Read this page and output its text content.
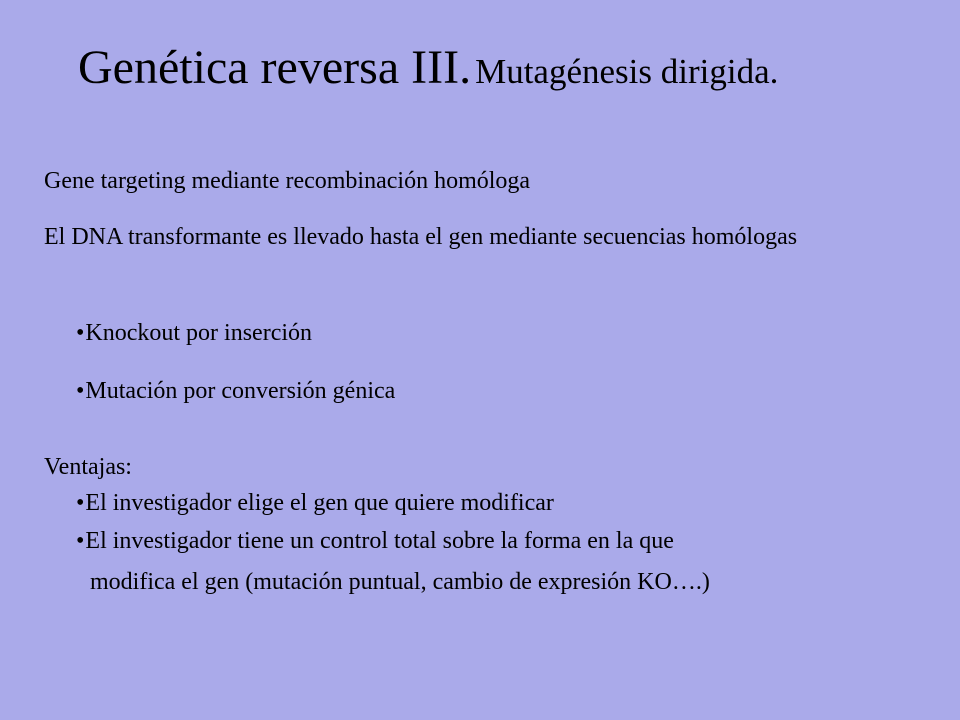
Genética reversa III. Mutagénesis dirigida.
Gene targeting mediante recombinación homóloga
El DNA transformante es llevado hasta el gen mediante secuencias homólogas
•Knockout por inserción
•Mutación por conversión génica
Ventajas:
•El investigador elige el gen que quiere modificar
•El investigador tiene un control total sobre la forma en la que
modifica el gen (mutación puntual, cambio de expresión KO….)
